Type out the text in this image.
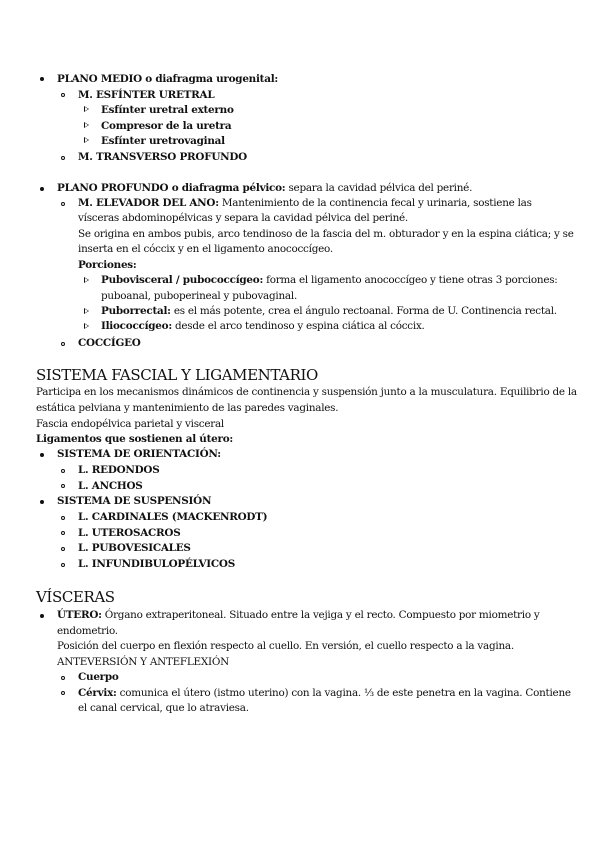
PLANO MEDIO o diafragma urogenital:
M. ESFÍNTER URETRAL
Esfínter uretral externo
Compresor de la uretra
Esfínter uretrovaginal
M. TRANSVERSO PROFUNDO
PLANO PROFUNDO o diafragma pélvico: separa la cavidad pélvica del periné.
M. ELEVADOR DEL ANO: Mantenimiento de la continencia fecal y urinaria, sostiene las
vísceras abdominopélvicas y separa la cavidad pélvica del periné.
Se origina en ambos pubis, arco tendinoso de la fascia del m. obturador y en la espina ciática; y se
inserta en el cóccix y en el ligamento anococcígeo.
Porciones:
Pubovisceral / pubococcígeo: forma el ligamento anococcígeo y tiene otras 3 porciones:
puboanal, puboperineal y pubovaginal.
Puborrectal: es el más potente, crea el ángulo rectoanal. Forma de U. Continencia rectal.
Iliococcígeo: desde el arco tendinoso y espina ciática al cóccix.
COCCÍGEO
SISTEMA FASCIAL Y LIGAMENTARIO
Participa en los mecanismos dinámicos de continencia y suspensión junto a la musculatura. Equilibrio de la
estática pelviana y mantenimiento de las paredes vaginales.
Fascia endopélvica parietal y visceral
Ligamentos que sostienen al útero:
SISTEMA DE ORIENTACIÓN:
L. REDONDOS
L. ANCHOS
SISTEMA DE SUSPENSIÓN
L. CARDINALES (MACKENRODT)
L. UTEROSACROS
L. PUBOVESICALES
L. INFUNDIBULOPÉLVICOS
VÍSCERAS
ÚTERO: Órgano extraperitoneal. Situado entre la vejiga y el recto. Compuesto por miometrio y
endometrio.
Posición del cuerpo en flexión respecto al cuello. En versión, el cuello respecto a la vagina.
ANTEVERSIÓN Y ANTEFLEXIÓN
Cuerpo
Cérvix: comunica el útero (istmo uterino) con la vagina. ⅓ de este penetra en la vagina. Contiene
el canal cervical, que lo atraviesa.
